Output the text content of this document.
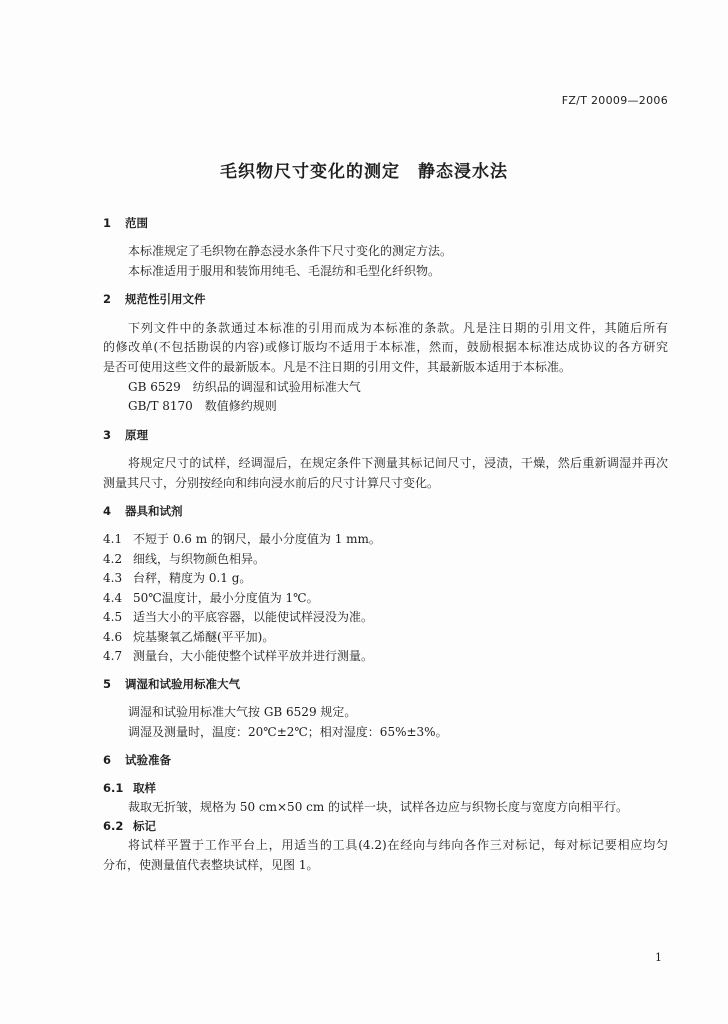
FZ/T 20009—2006
毛织物尺寸变化的测定　静态浸水法
1 范围
本标准规定了毛织物在静态浸水条件下尺寸变化的测定方法。
本标准适用于服用和装饰用纯毛、毛混纺和毛型化纤织物。
2 规范性引用文件
下列文件中的条款通过本标准的引用而成为本标准的条款。凡是注日期的引用文件，其随后所有
的修改单(不包括勘误的内容)或修订版均不适用于本标准，然而，鼓励根据本标准达成协议的各方研究
是否可使用这些文件的最新版本。凡是不注日期的引用文件，其最新版本适用于本标准。
GB 6529　纺织品的调湿和试验用标准大气
GB/T 8170　数值修约规则
3 原理
将规定尺寸的试样，经调湿后，在规定条件下测量其标记间尺寸，浸渍，干燥，然后重新调湿并再次
测量其尺寸，分别按经向和纬向浸水前后的尺寸计算尺寸变化。
4 器具和试剂
4.1 不短于 0.6 m 的钢尺，最小分度值为 1 mm。
4.2 细线，与织物颜色相异。
4.3 台秤，精度为 0.1 g。
4.4 50℃温度计，最小分度值为 1℃。
4.5 适当大小的平底容器，以能使试样浸没为准。
4.6 烷基聚氧乙烯醚(平平加)。
4.7 测量台，大小能使整个试样平放并进行测量。
5 调湿和试验用标准大气
调湿和试验用标准大气按 GB 6529 规定。
调湿及测量时，温度：20℃±2℃；相对湿度：65%±3%。
6 试验准备
6.1 取样
裁取无折皱，规格为 50 cm×50 cm 的试样一块，试样各边应与织物长度与宽度方向相平行。
6.2 标记
将试样平置于工作平台上，用适当的工具(4.2)在经向与纬向各作三对标记，每对标记要相应均匀
分布，使测量值代表整块试样，见图 1。
1
